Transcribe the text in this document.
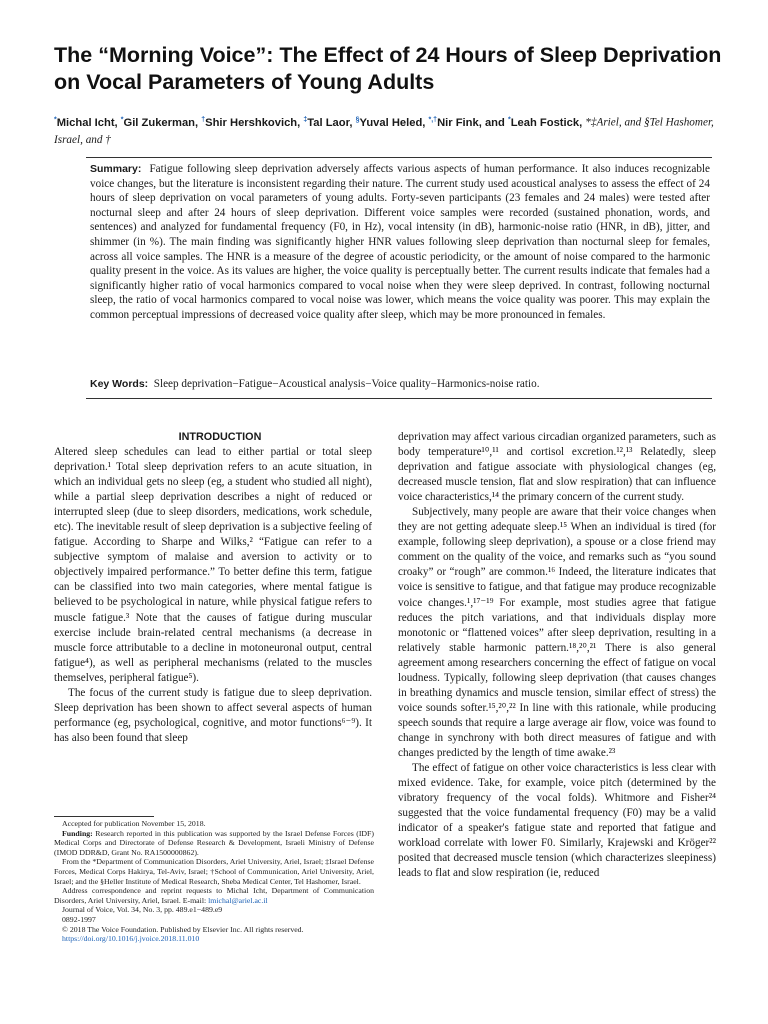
The “Morning Voice”: The Effect of 24 Hours of Sleep Deprivation on Vocal Parameters of Young Adults

*Michal Icht, *Gil Zukerman, †Shir Hershkovich, ‡Tal Laor, §Yuval Heled, *,†Nir Fink, and *Leah Fostick, *‡Ariel, and §Tel Hashomer, Israel, and †

Summary: Fatigue following sleep deprivation adversely affects various aspects of human performance. It also induces recognizable voice changes, but the literature is inconsistent regarding their nature. The current study used acoustical analyses to assess the effect of 24 hours of sleep deprivation on vocal parameters of young adults. Forty-seven participants (23 females and 24 males) were tested after nocturnal sleep and after 24 hours of sleep deprivation. Different voice samples were recorded (sustained phonation, words, and sentences) and analyzed for fundamental frequency (F0, in Hz), vocal intensity (in dB), harmonic-noise ratio (HNR, in dB), jitter, and shimmer (in %). The main finding was significantly higher HNR values following sleep deprivation than nocturnal sleep for females, across all voice samples. The HNR is a measure of the degree of acoustic periodicity, or the amount of noise compared to the harmonic quality present in the voice. As its values are higher, the voice quality is perceptually better. The current results indicate that females had a significantly higher ratio of vocal harmonics compared to vocal noise when they were sleep deprived. In contrast, following nocturnal sleep, the ratio of vocal harmonics compared to vocal noise was lower, which means the voice quality was poorer. This may explain the common perceptual impressions of decreased voice quality after sleep, which may be more pronounced in females.

Key Words: Sleep deprivation−Fatigue−Acoustical analysis−Voice quality−Harmonics-noise ratio.

INTRODUCTION

Altered sleep schedules can lead to either partial or total sleep deprivation.¹ Total sleep deprivation refers to an acute situation, in which an individual gets no sleep (eg, a student who studied all night), while a partial sleep deprivation describes a night of reduced or interrupted sleep (due to sleep disorders, medications, work schedule, etc). The inevitable result of sleep deprivation is a subjective feeling of fatigue. According to Sharpe and Wilks,² “Fatigue can refer to a subjective symptom of malaise and aversion to activity or to objectively impaired performance.” To better define this term, fatigue can be classified into two main categories, where mental fatigue is believed to be psychological in nature, while physical fatigue refers to muscle fatigue.³ Note that the causes of fatigue during muscular exercise include brain-related central mechanisms (a decrease in muscle force attributable to a decline in motoneuronal output, central fatigue⁴), as well as peripheral mechanisms (related to the muscles themselves, peripheral fatigue⁵).

The focus of the current study is fatigue due to sleep deprivation. Sleep deprivation has been shown to affect several aspects of human performance (eg, psychological, cognitive, and motor functions⁶⁻⁹). It has also been found that sleep

deprivation may affect various circadian organized parameters, such as body temperature¹⁰,¹¹ and cortisol excretion.¹²,¹³ Relatedly, sleep deprivation and fatigue associate with physiological changes (eg, decreased muscle tension, flat and slow respiration) that can influence voice characteristics,¹⁴ the primary concern of the current study.

Subjectively, many people are aware that their voice changes when they are not getting adequate sleep.¹⁵ When an individual is tired (for example, following sleep deprivation), a spouse or a close friend may comment on the quality of the voice, and remarks such as “you sound croaky” or “rough” are common.¹⁶ Indeed, the literature indicates that voice is sensitive to fatigue, and that fatigue may produce recognizable voice changes.¹,¹⁷⁻¹⁹ For example, most studies agree that fatigue reduces the pitch variations, and that individuals display more monotonic or “flattened voices” after sleep deprivation, resulting in a relatively stable harmonic pattern.¹⁸,²⁰,²¹ There is also general agreement among researchers concerning the effect of fatigue on vocal loudness. Typically, following sleep deprivation (that causes changes in breathing dynamics and muscle tension, similar effect of stress) the voice sounds softer.¹⁵,²⁰,²² In line with this rationale, while producing speech sounds that require a large average air flow, voice was found to change in synchrony with both direct measures of fatigue and with changes predicted by the length of time awake.²³

The effect of fatigue on other voice characteristics is less clear with mixed evidence. Take, for example, voice pitch (determined by the vibratory frequency of the vocal folds). Whitmore and Fisher²⁴ suggested that the voice fundamental frequency (F0) may be a valid indicator of a speaker's fatigue state and reported that fatigue and workload correlate with lower F0. Similarly, Krajewski and Kröger²² posited that decreased muscle tension (which characterizes sleepiness) leads to flat and slow respiration (ie, reduced

Accepted for publication November 15, 2018.

Funding: Research reported in this publication was supported by the Israel Defense Forces (IDF) Medical Corps and Directorate of Defense Research & Development, Israeli Ministry of Defense (IMOD DDR&D, Grant No. RA1500000862).

From the *Department of Communication Disorders, Ariel University, Ariel, Israel; ‡Israel Defense Forces, Medical Corps Hakirya, Tel-Aviv, Israel; †School of Communication, Ariel University, Ariel, Israel; and the §Heller Institute of Medical Research, Sheba Medical Center, Tel Hashomer, Israel.

Address correspondence and reprint requests to Michal Icht, Department of Communication Disorders, Ariel University, Ariel, Israel. E-mail: lmichal@ariel.ac.il

Journal of Voice, Vol. 34, No. 3, pp. 489.e1−489.e9

0892-1997

© 2018 The Voice Foundation. Published by Elsevier Inc. All rights reserved.

https://doi.org/10.1016/j.jvoice.2018.11.010
